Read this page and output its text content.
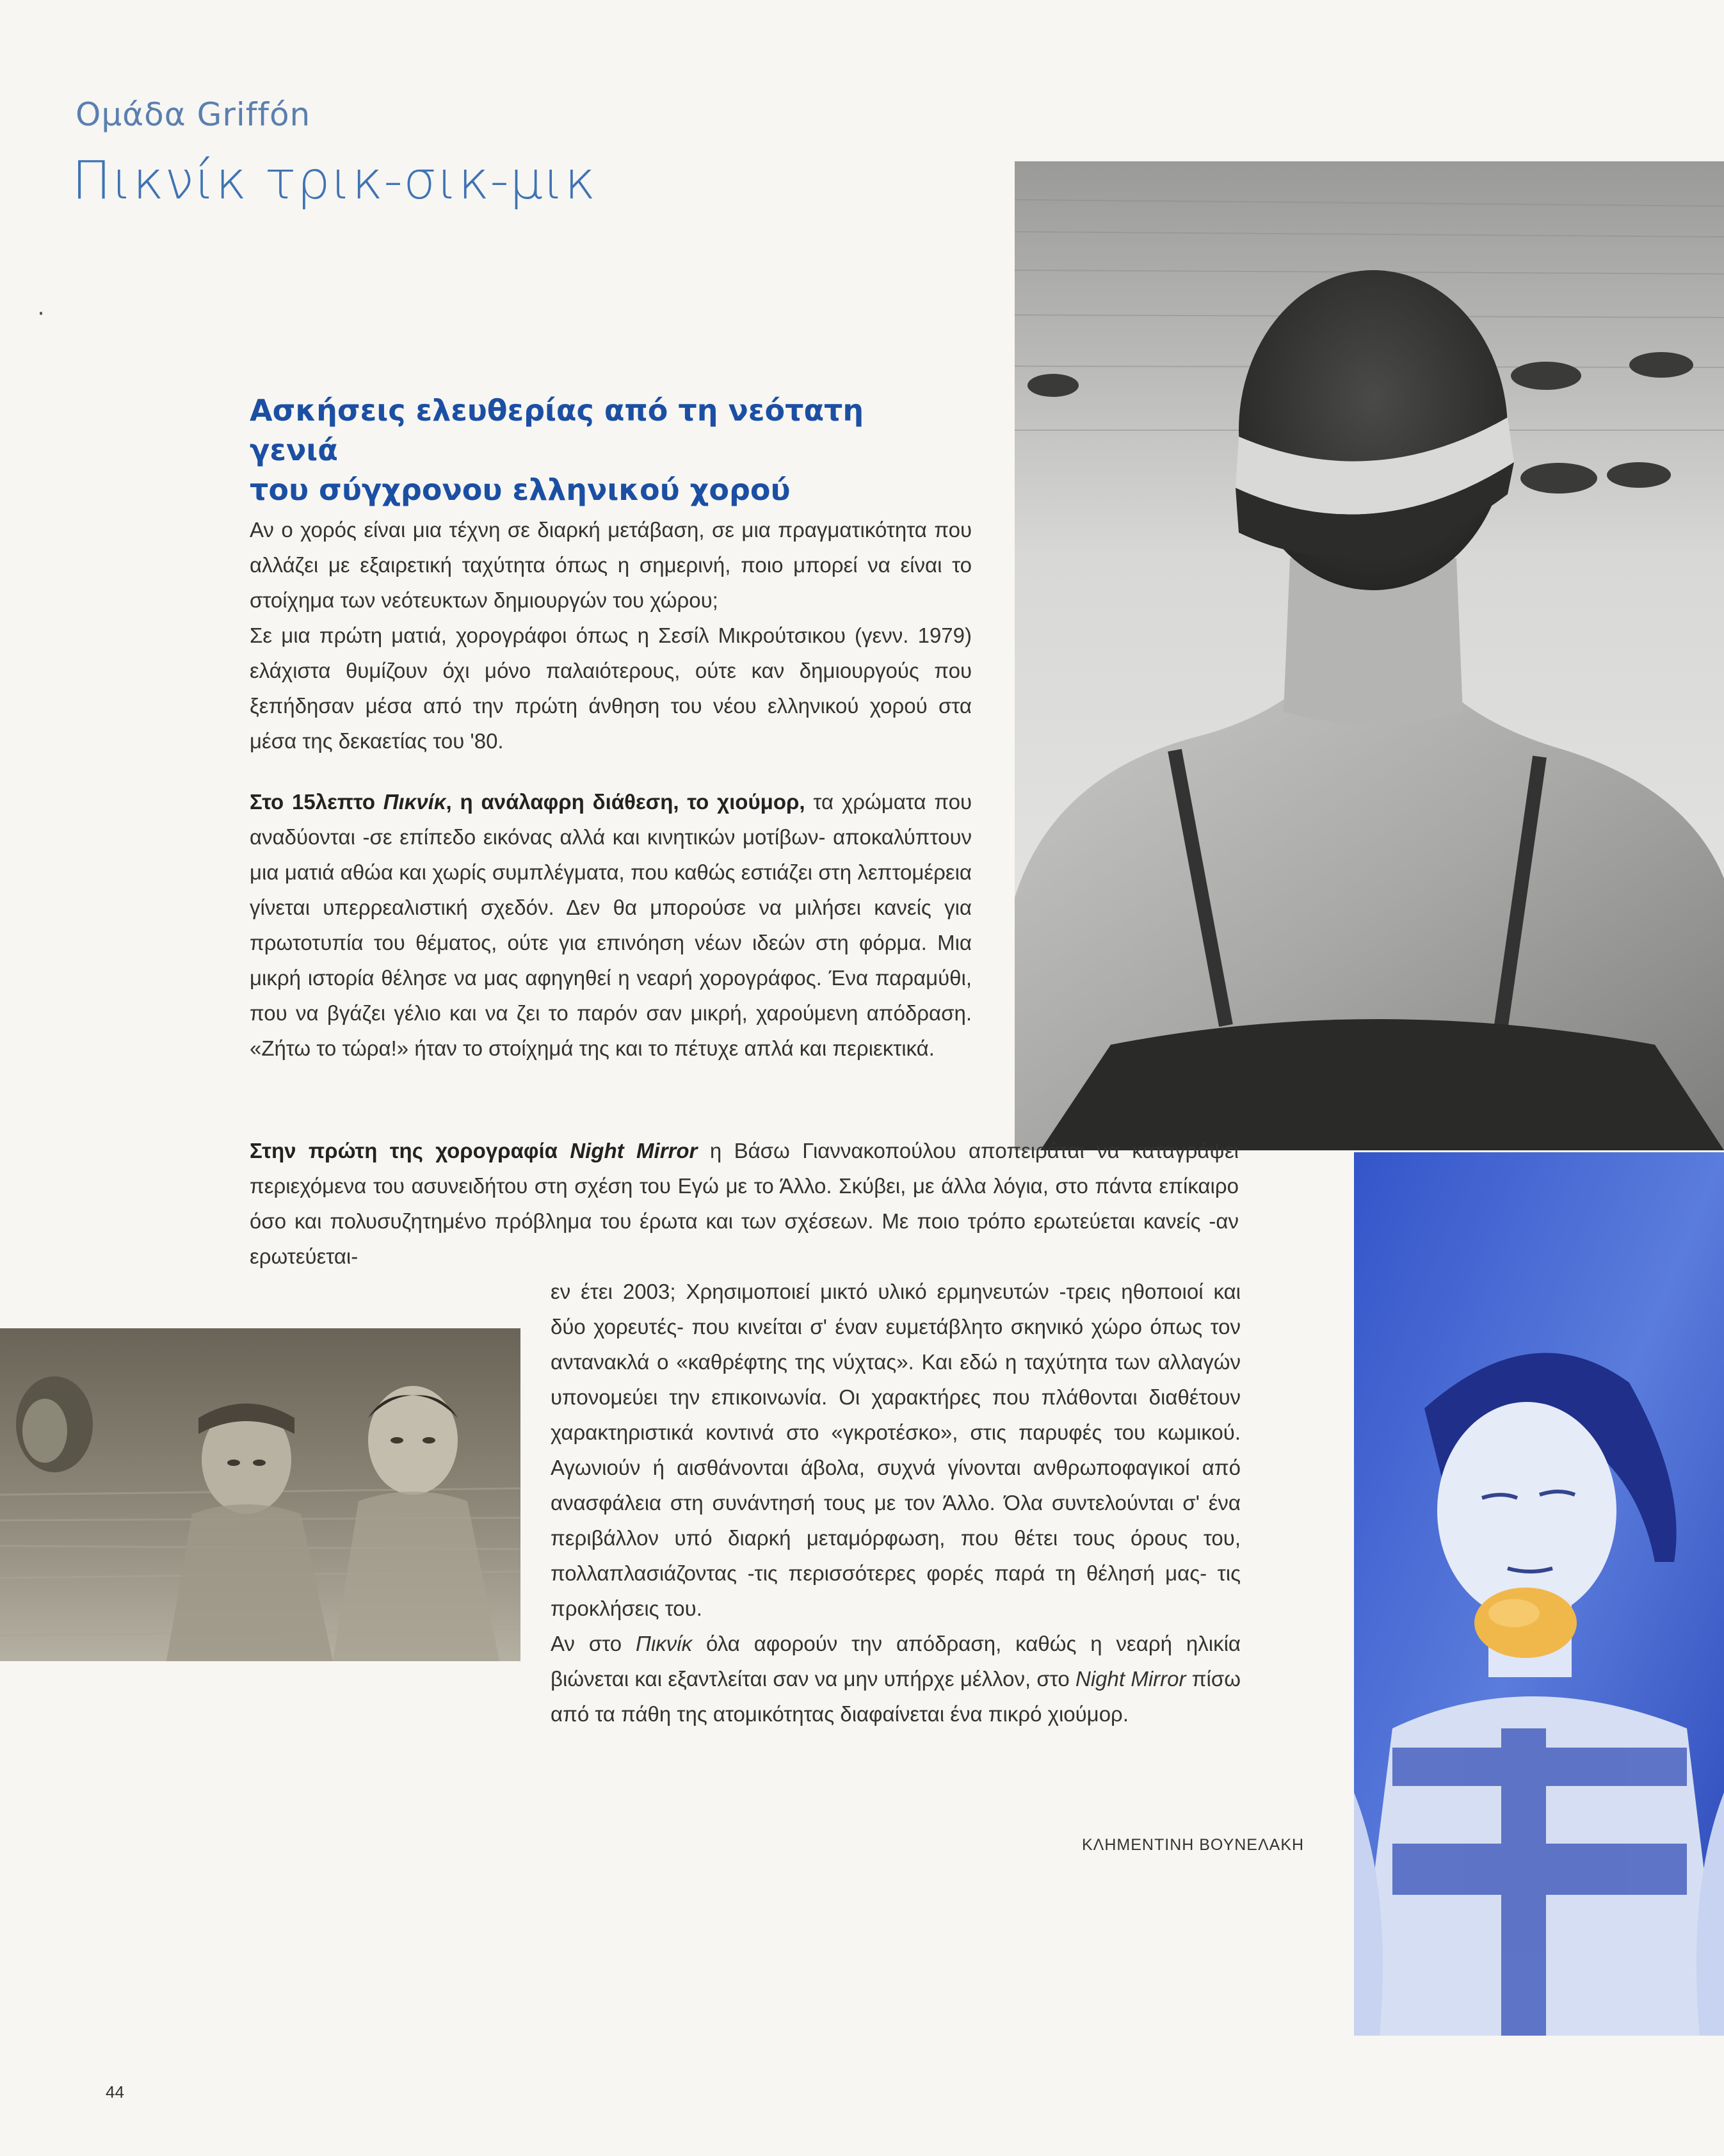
Ομάδα Griffón
Πικνίκ τρικ-σικ-μικ
Ασκήσεις ελευθερίας από τη νεότατη γενιά
του σύγχρονου ελληνικού χορού
Αν ο χορός είναι μια τέχνη σε διαρκή μετάβαση, σε μια πραγματικότητα που αλλάζει με εξαιρετική ταχύτητα όπως η σημερινή, ποιο μπορεί να είναι το στοίχημα των νεότευκτων δημιουργών του χώρου;
Σε μια πρώτη ματιά, χορογράφοι όπως η Σεσίλ Μικρούτσικου (γενν. 1979) ελάχιστα θυμίζουν όχι μόνο παλαιότερους, ούτε καν δημιουργούς που ξεπήδησαν μέσα από την πρώτη άνθηση του νέου ελληνικού χορού στα μέσα της δεκαετίας του '80.
Στο 15λεπτο Πικνίκ, η ανάλαφρη διάθεση, το χιούμορ, τα χρώματα που αναδύονται -σε επίπεδο εικόνας αλλά και κινητικών μοτίβων- αποκαλύπτουν μια ματιά αθώα και χωρίς συμπλέγματα, που καθώς εστιάζει στη λεπτομέρεια γίνεται υπερρεαλιστική σχεδόν. Δεν θα μπορούσε να μιλήσει κανείς για πρωτοτυπία του θέματος, ούτε για επινόηση νέων ιδεών στη φόρμα. Μια μικρή ιστορία θέλησε να μας αφηγηθεί η νεαρή χορογράφος. Ένα παραμύθι, που να βγάζει γέλιο και να ζει το παρόν σαν μικρή, χαρούμενη απόδραση. «Ζήτω το τώρα!» ήταν το στοίχημά της και το πέτυχε απλά και περιεκτικά.
Στην πρώτη της χορογραφία Night Mirror η Βάσω Γιαννακοπούλου αποπειράται να καταγράψει περιεχόμενα του ασυνειδήτου στη σχέση του Εγώ με το Άλλο. Σκύβει, με άλλα λόγια, στο πάντα επίκαιρο όσο και πολυσυζητημένο πρόβλημα του έρωτα και των σχέσεων. Με ποιο τρόπο ερωτεύεται κανείς -αν ερωτεύεται-
εν έτει 2003; Χρησιμοποιεί μικτό υλικό ερμηνευτών -τρεις ηθοποιοί και δύο χορευτές- που κινείται σ' έναν ευμετάβλητο σκηνικό χώρο όπως τον αντανακλά ο «καθρέφτης της νύχτας». Και εδώ η ταχύτητα των αλλαγών υπονομεύει την επικοινωνία. Οι χαρακτήρες που πλάθονται διαθέτουν χαρακτηριστικά κοντινά στο «γκροτέσκο», στις παρυφές του κωμικού. Αγωνιούν ή αισθάνονται άβολα, συχνά γίνονται ανθρωποφαγικοί από ανασφάλεια στη συνάντησή τους με τον Άλλο. Όλα συντελούνται σ' ένα περιβάλλον υπό διαρκή μεταμόρφωση, που θέτει τους όρους του, πολλαπλασιάζοντας -τις περισσότερες φορές παρά τη θέλησή μας- τις προκλήσεις του.
Αν στο Πικνίκ όλα αφορούν την απόδραση, καθώς η νεαρή ηλικία βιώνεται και εξαντλείται σαν να μην υπήρχε μέλλον, στο Night Mirror πίσω από τα πάθη της ατομικότητας διαφαίνεται ένα πικρό χιούμορ.
ΚΛΗΜΕΝΤΙΝΗ ΒΟΥΝΕΛΑΚΗ
44
